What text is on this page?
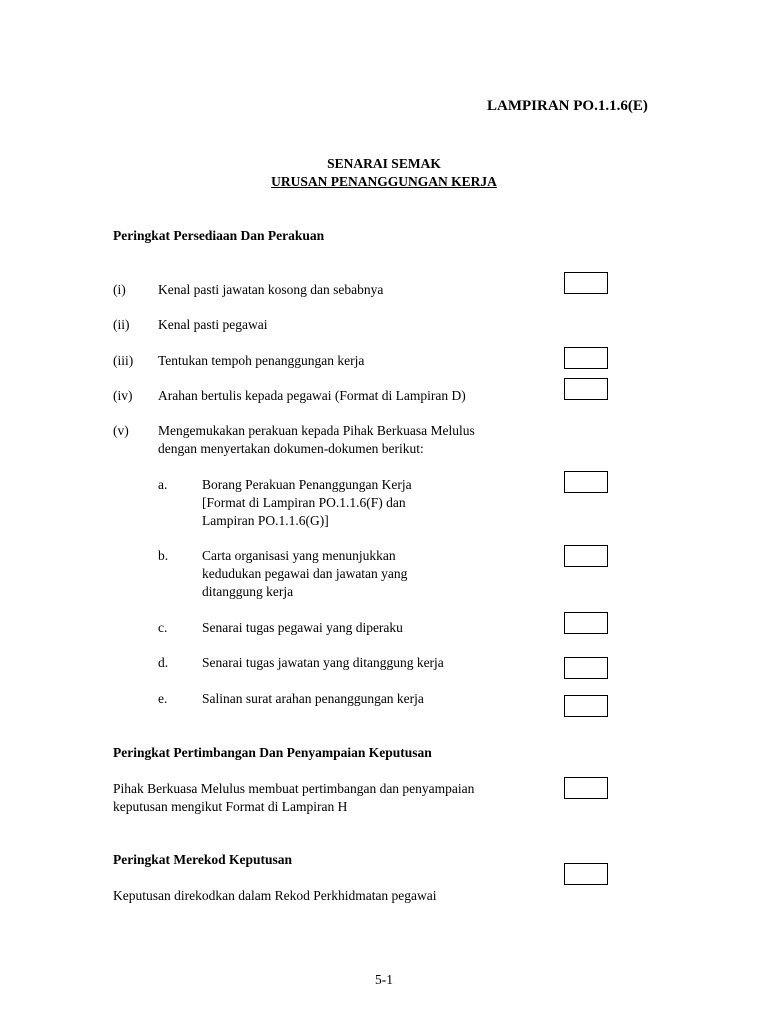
LAMPIRAN PO.1.1.6(E)
SENARAI SEMAK
URUSAN PENANGGUNGAN KERJA
Peringkat Persediaan Dan Perakuan
(i) Kenal pasti jawatan kosong dan sebabnya
(ii) Kenal pasti pegawai
(iii) Tentukan tempoh penanggungan kerja
(iv) Arahan bertulis kepada pegawai (Format di Lampiran D)
(v) Mengemukakan perakuan kepada Pihak Berkuasa Melulus
dengan menyertakan dokumen-dokumen berikut:
a.	Borang Perakuan Penanggungan Kerja
[Format di Lampiran PO.1.1.6(F) dan
Lampiran PO.1.1.6(G)]
b.	Carta organisasi yang menunjukkan
kedudukan pegawai dan jawatan yang
ditanggung kerja
c.	Senarai tugas pegawai yang diperaku
d.	Senarai tugas jawatan yang ditanggung kerja
e.	Salinan surat arahan penanggungan kerja
Peringkat Pertimbangan Dan Penyampaian Keputusan
Pihak Berkuasa Melulus membuat pertimbangan dan penyampaian
keputusan mengikut Format di Lampiran H
Peringkat Merekod Keputusan
Keputusan direkodkan dalam Rekod Perkhidmatan pegawai
5-1
